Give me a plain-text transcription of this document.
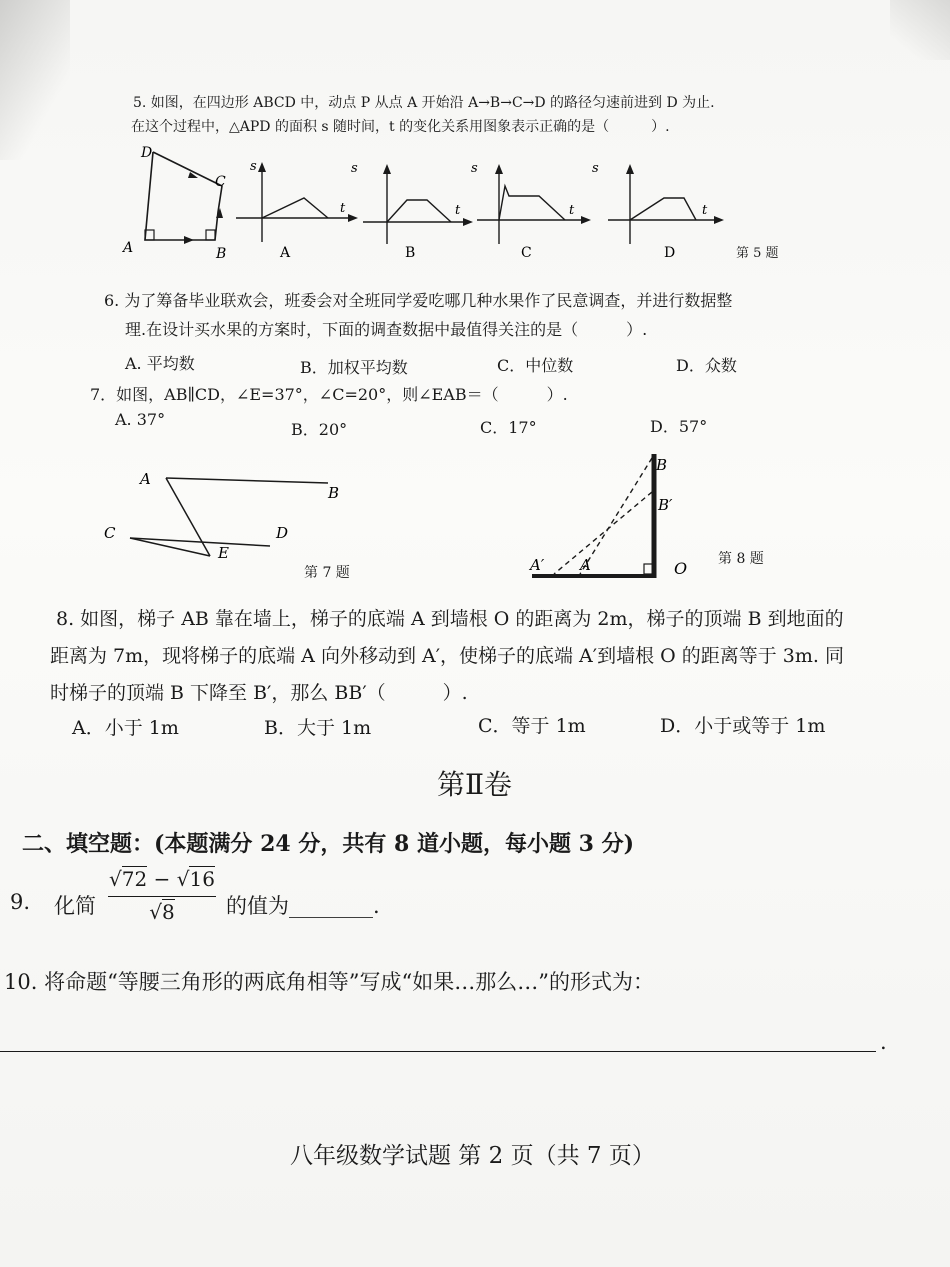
5. 如图，在四边形 ABCD 中，动点 P 从点 A 开始沿 A→B→C→D 的路径匀速前进到 D 为止.
在这个过程中，△APD 的面积 s 随时间，t 的变化关系用图象表示正确的是（　　　）.
D
C
A	B
s
t
A
s
t
B
s
t
C
s
t
D	第 5 题
6. 为了筹备毕业联欢会，班委会对全班同学爱吃哪几种水果作了民意调查，并进行数据整
理.在设计买水果的方案时，下面的调查数据中最值得关注的是（　　　）.
A. 平均数	B．加权平均数	C．中位数	D．众数
7．如图，AB∥CD，∠E=37°，∠C=20°，则∠EAB＝（　　　）.
A. 37°
B．20°	C．17°	D．57°
A
B
C	D
E
第 7 题
B
B′
A′ A	O 第 8 题
8. 如图，梯子 AB 靠在墙上，梯子的底端 A 到墙根 O 的距离为 2m，梯子的顶端 B 到地面的
距离为 7m，现将梯子的底端 A 向外移动到 A′，使梯子的底端 A′到墙根 O 的距离等于 3m. 同
时梯子的顶端 B 下降至 B′，那么 BB′（　　　）.
A．小于 1m	B．大于 1m	C．等于 1m	D．小于或等于 1m
第Ⅱ卷
二、填空题：(本题满分 24 分，共有 8 道小题，每小题 3 分)
9. 化简
√72 − √16
√8	的值为________.
10. 将命题“等腰三角形的两底角相等”写成“如果…那么…”的形式为：
.
八年级数学试题 第 2 页（共 7 页）
